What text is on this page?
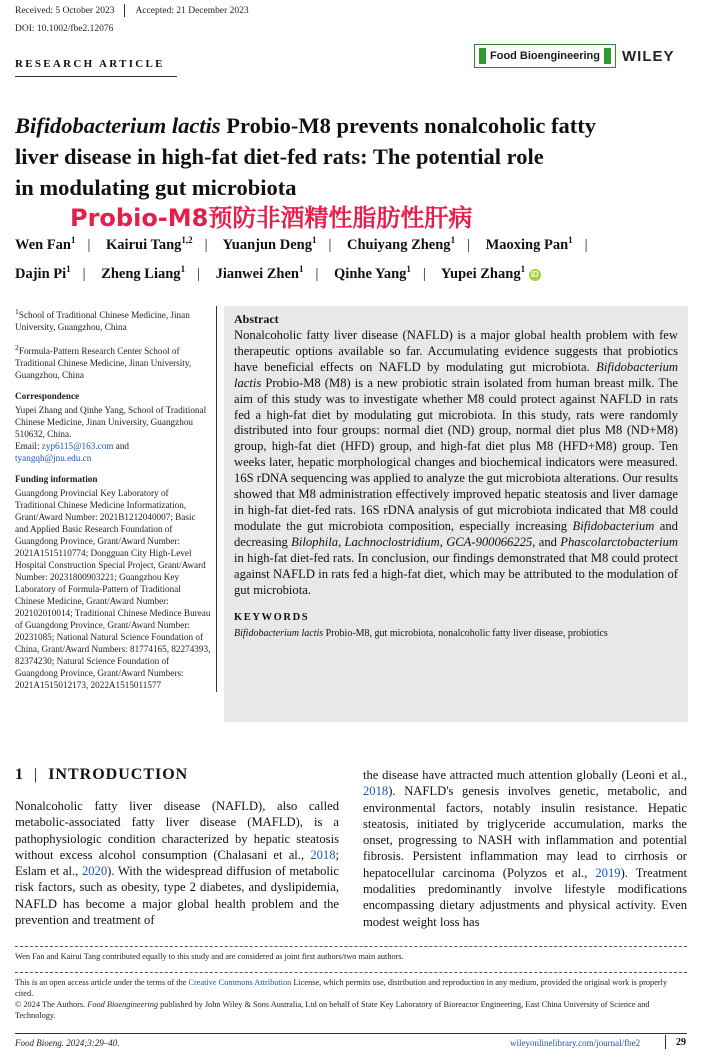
Received: 5 October 2023 Accepted: 21 December 2023
DOI: 10.1002/fbe2.12076
RESEARCH ARTICLE
Food Bioengineering WILEY
Bifidobacterium lactis Probio-M8 prevents nonalcoholic fatty
liver disease in high-fat diet-fed rats: The potential role
in modulating gut microbiota
Probio-M8预防非酒精性脂肪性肝病
Wen Fan$^1$ | Kairui Tang$^{1,2}$ | Yuanjun Deng$^1$ | Chuiyang Zheng$^1$ | Maoxing Pan$^1$ |
Dajin Pi$^1$ | Zheng Liang$^1$ | Jianwei Zhen$^1$ | Qinhe Yang$^1$ | Yupei Zhang$^1$ iD

$^1$School of Traditional Chinese Medicine, Jinan University, Guangzhou, China

$^2$Formula-Pattern Research Center School of Traditional Chinese Medicine, Jinan University, Guangzhou, China

Correspondence

Yupei Zhang and Qinhe Yang, School of Traditional Chinese Medicine, Jinan University, Guangzhou 510632, China.
Email: zyp6115@163.com and
tyangqh@jnu.edu.cn

Funding information

Guangdong Provincial Key Laboratory of Traditional Chinese Medicine Informatization, Grant/Award Number: 2021B1212040007; Basic and Applied Basic Research Foundation of Guangdong Province, Grant/Award Number: 2021A1515110774; Dongguan City High-Level Hospital Construction Special Project, Grant/Award Number: 20231800903221; Guangzhou Key Laboratory of Formula-Pattern of Traditional Chinese Medicine, Grant/Award Number: 202102010014; Traditional Chinese Medince Bureau of Guangdong Province, Grant/Award Number: 20231085; National Natural Science Foundation of China, Grant/Award Numbers: 81774165, 82274393, 82374230; Natural Science Foundation of Guangdong Province, Grant/Award Numbers: 2021A1515012173, 2022A1515011577

Abstract
Nonalcoholic fatty liver disease (NAFLD) is a major global health problem with few therapeutic options available so far. Accumulating evidence suggests that probiotics have beneficial effects on NAFLD by modulating gut microbiota. Bifidobacterium lactis Probio-M8 (M8) is a new probiotic strain isolated from human breast milk. The aim of this study was to investigate whether M8 could protect against NAFLD in rats fed a high-fat diet by modulating gut microbiota. In this study, rats were randomly distributed into four groups: normal diet (ND) group, normal diet plus M8 (ND+M8) group, high-fat diet (HFD) group, and high-fat diet plus M8 (HFD+M8) group. Ten weeks later, hepatic morphological changes and biochemical indicators were measured. 16S rDNA sequencing was applied to analyze the gut microbiota alterations. Our results showed that M8 administration effectively improved hepatic steatosis and liver damage in high-fat diet-fed rats. 16S rDNA analysis of gut microbiota indicated that M8 could modulate the gut microbiota composition, especially increasing Bifidobacterium and decreasing Bilophila, Lachnoclostridium, GCA-900066225, and Phascolarctobacterium in high-fat diet-fed rats. In conclusion, our findings demonstrated that M8 could protect against NAFLD in rats fed a high-fat diet, which may be attributed to the modulation of gut microbiota.
KEYWORDS
Bifidobacterium lactis Probio-M8, gut microbiota, nonalcoholic fatty liver disease, probiotics
1 | INTRODUCTION
Nonalcoholic fatty liver disease (NAFLD), also called metabolic-associated fatty liver disease (MAFLD), is a pathophysiologic condition characterized by hepatic steatosis without excess alcohol consumption (Chalasani et al., 2018; Eslam et al., 2020). With the widespread diffusion of metabolic risk factors, such as obesity, type 2 diabetes, and dyslipidemia, NAFLD has become a major global health problem and the prevention and treatment of
the disease have attracted much attention globally (Leoni et al., 2018). NAFLD's genesis involves genetic, metabolic, and environmental factors, notably insulin resistance. Hepatic steatosis, initiated by triglyceride accumulation, marks the onset, progressing to NASH with inflammation and potential fibrosis. Persistent inflammation may lead to cirrhosis or hepatocellular carcinoma (Polyzos et al., 2019). Treatment modalities predominantly involve lifestyle modifications encompassing dietary adjustments and physical activity. Even modest weight loss has
Wen Fan and Kairui Tang contributed equally to this study and are considered as joint first authors/two main authors.
This is an open access article under the terms of the Creative Commons Attribution License, which permits use, distribution and reproduction in any medium, provided the original work is properly cited.
© 2024 The Authors. Food Bioengineering published by John Wiley & Sons Australia, Ltd on behalf of State Key Laboratory of Bioreactor Engineering, East China University of Science and Technology.
Food Bioeng. 2024;3:29–40.	wileyonlinelibrary.com/journal/fbe2	29
